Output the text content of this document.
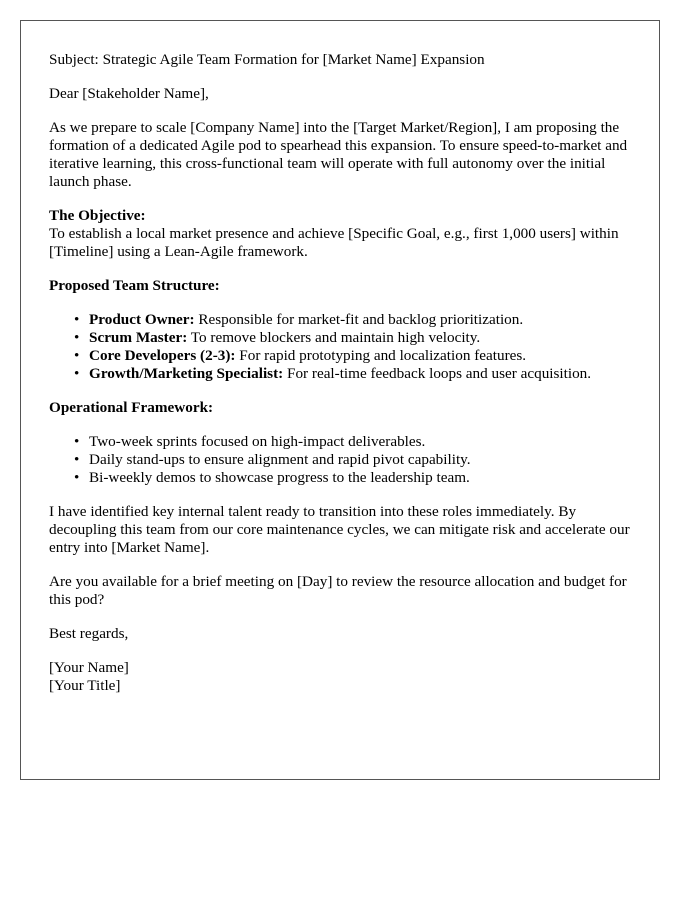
Subject: Strategic Agile Team Formation for [Market Name] Expansion

Dear [Stakeholder Name],

As we prepare to scale [Company Name] into the [Target Market/Region], I am proposing the formation of a dedicated Agile pod to spearhead this expansion. To ensure speed-to-market and iterative learning, this cross-functional team will operate with full autonomy over the initial launch phase.

The Objective:
To establish a local market presence and achieve [Specific Goal, e.g., first 1,000 users] within [Timeline] using a Lean-Agile framework.

Proposed Team Structure:

• Product Owner: Responsible for market-fit and backlog prioritization.
• Scrum Master: To remove blockers and maintain high velocity.
• Core Developers (2-3): For rapid prototyping and localization features.
• Growth/Marketing Specialist: For real-time feedback loops and user acquisition.

Operational Framework:

• Two-week sprints focused on high-impact deliverables.
• Daily stand-ups to ensure alignment and rapid pivot capability.
• Bi-weekly demos to showcase progress to the leadership team.

I have identified key internal talent ready to transition into these roles immediately. By decoupling this team from our core maintenance cycles, we can mitigate risk and accelerate our entry into [Market Name].

Are you available for a brief meeting on [Day] to review the resource allocation and budget for this pod?

Best regards,

[Your Name]
[Your Title]
